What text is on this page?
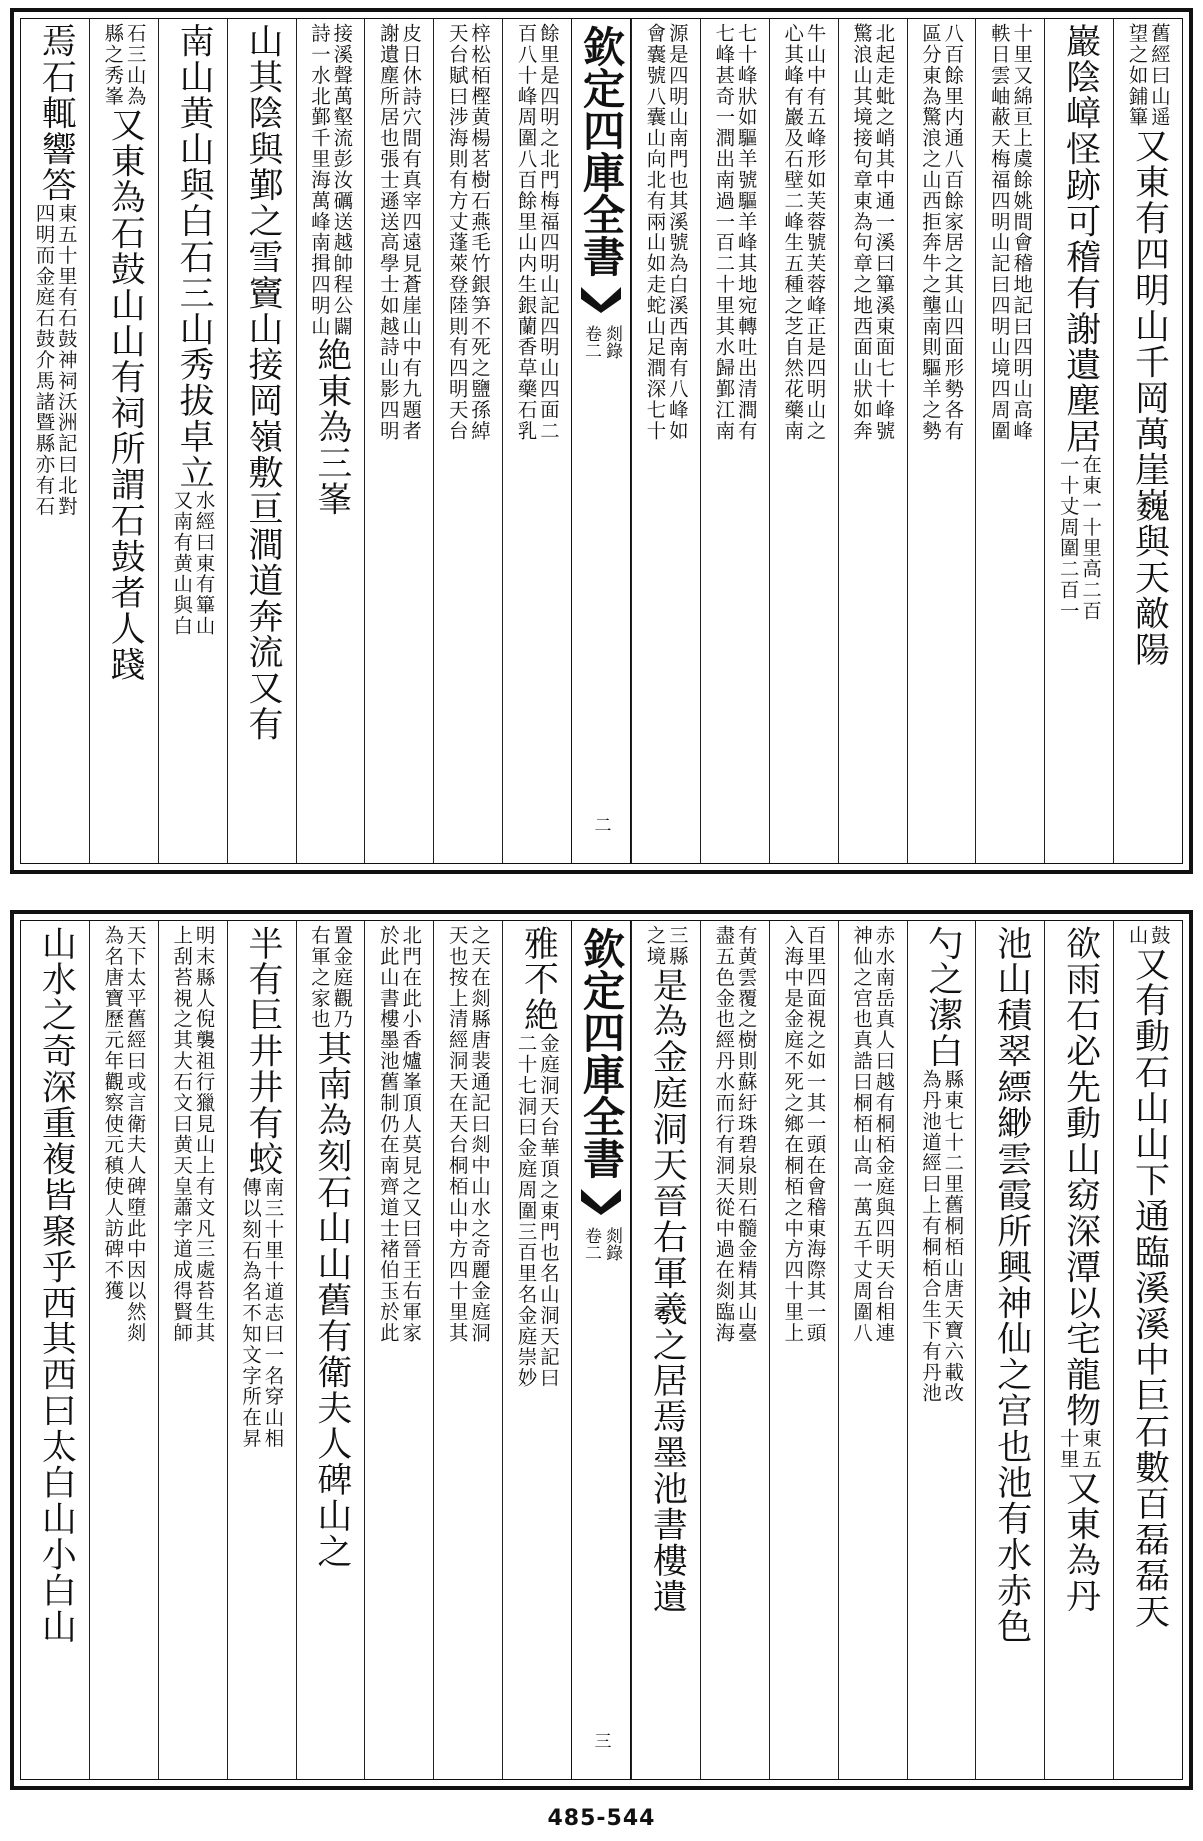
舊經曰山遥
望之如鋪篳
又東有四明山千岡萬崖巍與天敵陽
巖陰嶂怪跡可稽有謝遺塵居
在東一十里高二百
一十丈周圍二百一
十里又綿亘上虞餘姚間會稽地記曰四明山高峰
軼日雲岫蔽天梅福四明山記曰四明山境四周圍
八百餘里内通八百餘家居之其山四面形勢各有
區分東為驚浪之山西拒奔牛之壟南則驅羊之勢
北起走蚍之峭其中通一溪曰篳溪東面七十峰號
驚浪山其境接句章東為句章之地西面山狀如奔
牛山中有五峰形如芙蓉號芙蓉峰正是四明山之
心其峰有巖及石壁二峰生五種之芝自然花藥南
七十峰狀如驅羊號驅羊峰其地宛轉吐出清澗有
七峰甚奇一澗出南過一百二十里其水歸鄞江南
源是四明山南門也其溪號為白溪西南有八峰如
會囊號八囊山向北有兩山如走蛇山足澗深七十
欽定四庫全書
剡錄
卷二
二
餘里是四明之北門梅福四明山記四明山四面二
百八十峰周圍八百餘里山内生銀蘭香草藥石乳
梓松栢樫黄楊茗樹石燕毛竹銀笋不死之鹽孫綽
天台賦曰涉海則有方丈蓬萊登陸則有四明天台
皮日休詩穴間有真宰四遠見蒼崖山中有九題者
謝遺塵所居也張士遜送高學士如越詩山影四明
接溪聲萬壑流彭汝礪送越帥程公闢
詩一水北鄞千里海萬峰南揖四明山
絶東為三峯
山其陰與鄞之雪竇山接岡嶺敷亘澗道奔流又有
南山黄山與白石三山秀拔卓立
水經曰東有篳山
又南有黄山與白
石三山為
縣之秀峯
又東為石鼓山山有祠所謂石鼓者人踐
焉石輒響答
東五十里有石鼓神祠沃洲記曰北對
四明而金庭石鼓介馬諸暨縣亦有石
鼓
山
又有動石山山下通臨溪溪中巨石數百磊磊天
欲雨石必先動山窈深潭以宅龍物
東五
十里
又東為丹
池山積翠縹緲雲霞所興神仙之宫也池有水赤色
勺之潔白
縣東七十二里舊桐栢山唐天寶六載改
為丹池道經曰上有桐栢合生下有丹池
赤水南岳真人曰越有桐栢金庭與四明天台相連
神仙之宫也真誥曰桐栢山高一萬五千丈周圍八
百里四面視之如一其一頭在會稽東海際其一頭
入海中是金庭不死之鄉在桐栢之中方四十里上
有黄雲覆之樹則蘇紆珠碧泉則石髓金精其山臺
盡五色金也經丹水而行有洞天從中過在剡臨海
三縣
之境
是為金庭洞天晉右軍羲之居焉墨池書樓遺
欽定四庫全書
剡錄
卷二
三
雅不絶
金庭洞天台華頂之東門也名山洞天記曰
二十七洞曰金庭周圍三百里名金庭崇妙
之天在剡縣唐裴通記曰剡中山水之奇麗金庭洞
天也按上清經洞天在天台桐栢山中方四十里其
北門在此小香爐峯頂人莫見之又曰晉王右軍家
於此山書樓墨池舊制仍在南齊道士褚伯玉於此
置金庭觀乃
右軍之家也
其南為刻石山山舊有衛夫人碑山之
半有巨井井有蛟
南三十里十道志曰一名穿山相
傳以刻石為名不知文字所在昇
明末縣人倪襲祖行獵見山上有文凡三處苔生其
上刮苔視之其大石文曰黄天皇蕭字道成得賢師
天下太平舊經曰或言衛夫人碑墮此中因以然剡
為名唐寶歷元年觀察使元稹使人訪碑不獲
山水之奇深重複皆聚乎西其西曰太白山小白山
485-544
